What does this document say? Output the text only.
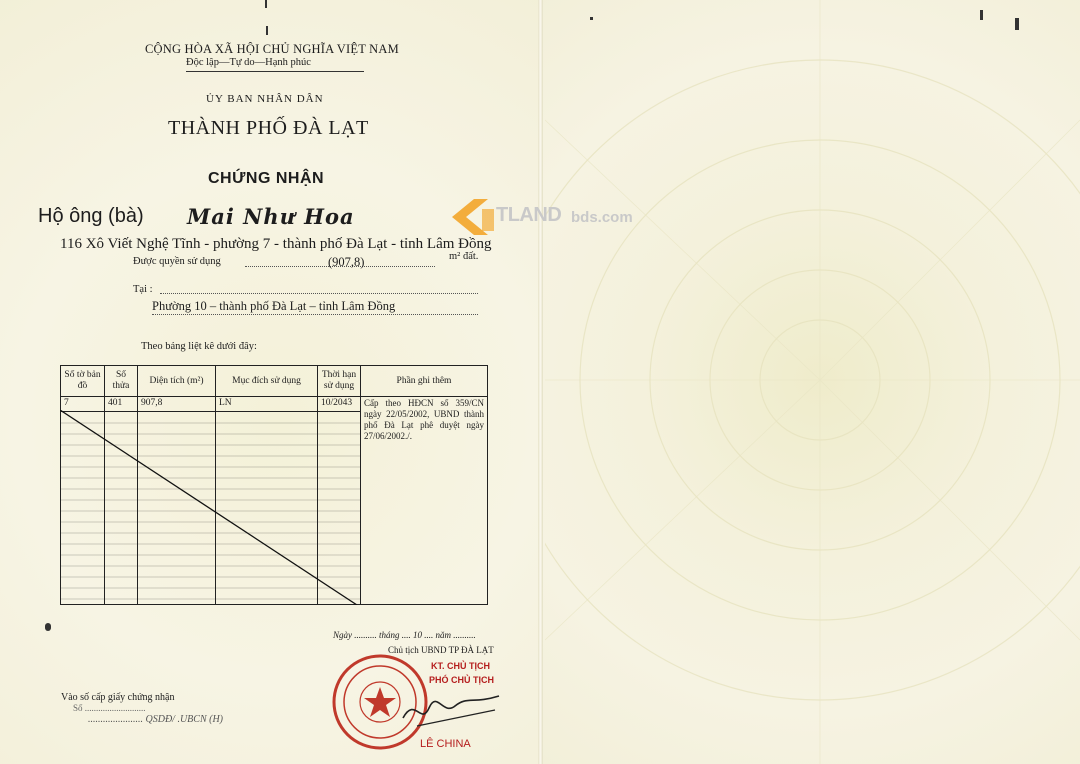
CỘNG HÒA XÃ HỘI CHỦ NGHĨA VIỆT NAM
Độc lập—Tự do—Hạnh phúc
ỦY BAN NHÂN DÂN
THÀNH PHỐ ĐÀ LẠT
CHỨNG NHẬN
Hộ ông (bà) Mai Như Hoa
116 Xô Viết Nghệ Tĩnh - phường 7 - thành phố Đà Lạt - tỉnh Lâm Đồng
Được quyền sử dụng	(907,8)	m² đất.
Tại :
Phường 10 – thành phố Đà Lạt – tỉnh Lâm Đồng
Theo bảng liệt kê dưới đây:
Số tờ bản đồ	Số thửa	Diện tích (m²)	Mục đích sử dụng	Thời hạn sử dụng	Phần ghi thêm
7	401	907,8	LN	10/2043	Cấp theo HĐCN số 359/CN ngày 22/05/2002, UBND thành phố Đà Lạt phê duyệt ngày 27/06/2002./.

Ngày .......... tháng .... 10 .... năm ..........
Chủ tịch UBND TP ĐÀ LẠT
KT. CHỦ TỊCH
PHÓ CHỦ TỊCH
LÊ CHINA
Vào số cấp giấy chứng nhận
Số ...........................
...................... QSDĐ/ .UBCN (H)
TLAND bds.com
